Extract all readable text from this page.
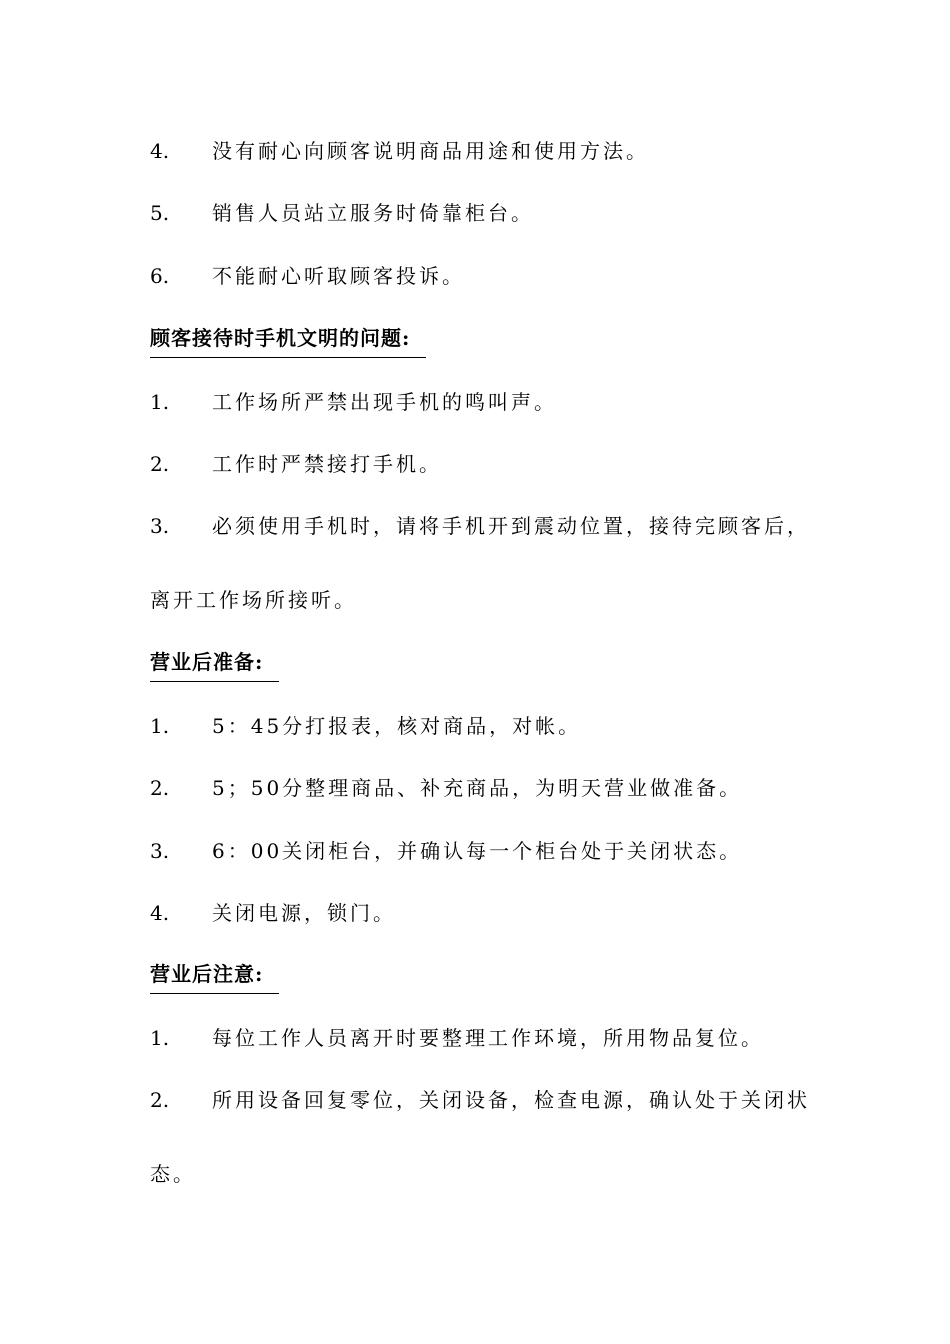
4. 没有耐心向顾客说明商品用途和使用方法。
5. 销售人员站立服务时倚靠柜台。
6. 不能耐心听取顾客投诉。
顾客接待时手机文明的问题:
1. 工作场所严禁出现手机的鸣叫声。
2. 工作时严禁接打手机。
3. 必须使用手机时，请将手机开到震动位置，接待完顾客后，
离开工作场所接听。
营业后准备:
1. 5：45分打报表，核对商品，对帐。
2. 5；50分整理商品、补充商品，为明天营业做准备。
3. 6：00关闭柜台，并确认每一个柜台处于关闭状态。
4. 关闭电源，锁门。
营业后注意:
1. 每位工作人员离开时要整理工作环境，所用物品复位。
2. 所用设备回复零位，关闭设备，检查电源，确认处于关闭状
态。
